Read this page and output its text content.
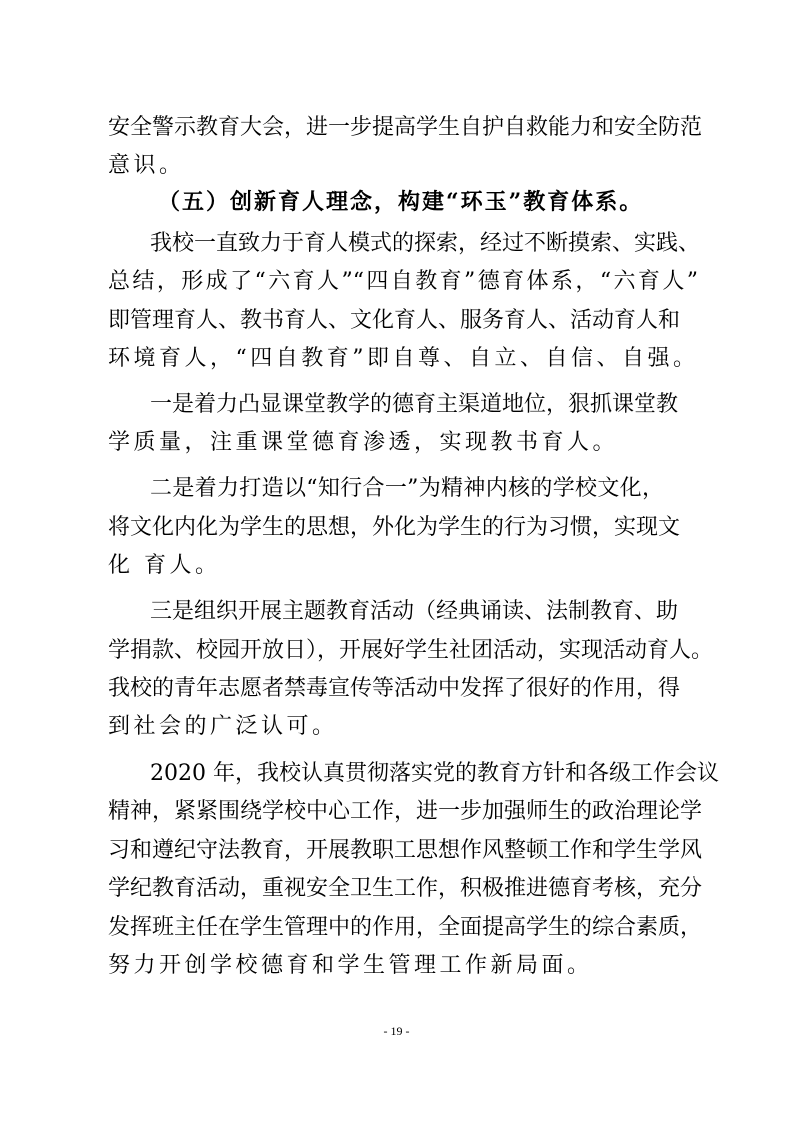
安全警示教育大会，进一步提高学生自护自救能力和安全防范
意识。
（五）创新育人理念，构建“环玉”教育体系。
我校一直致力于育人模式的探索，经过不断摸索、实践、
总结，形成了“六育人”“四自教育”德育体系，“六育人”
即管理育人、教书育人、文化育人、服务育人、活动育人和
环境育人，“四自教育”即自尊、自立、自信、自强。
一是着力凸显课堂教学的德育主渠道地位，狠抓课堂教
学质量，注重课堂德育渗透，实现教书育人。
二是着力打造以“知行合一”为精神内核的学校文化，
将文化内化为学生的思想，外化为学生的行为习惯，实现文
化 育人。
三是组织开展主题教育活动（经典诵读、法制教育、助
学捐款、校园开放日），开展好学生社团活动，实现活动育人。
我校的青年志愿者禁毒宣传等活动中发挥了很好的作用，得
到社会的广泛认可。
2020 年，我校认真贯彻落实党的教育方针和各级工作会议
精神，紧紧围绕学校中心工作，进一步加强师生的政治理论学
习和遵纪守法教育，开展教职工思想作风整顿工作和学生学风
学纪教育活动，重视安全卫生工作，积极推进德育考核，充分
发挥班主任在学生管理中的作用，全面提高学生的综合素质，
努力开创学校德育和学生管理工作新局面。
- 19 -
